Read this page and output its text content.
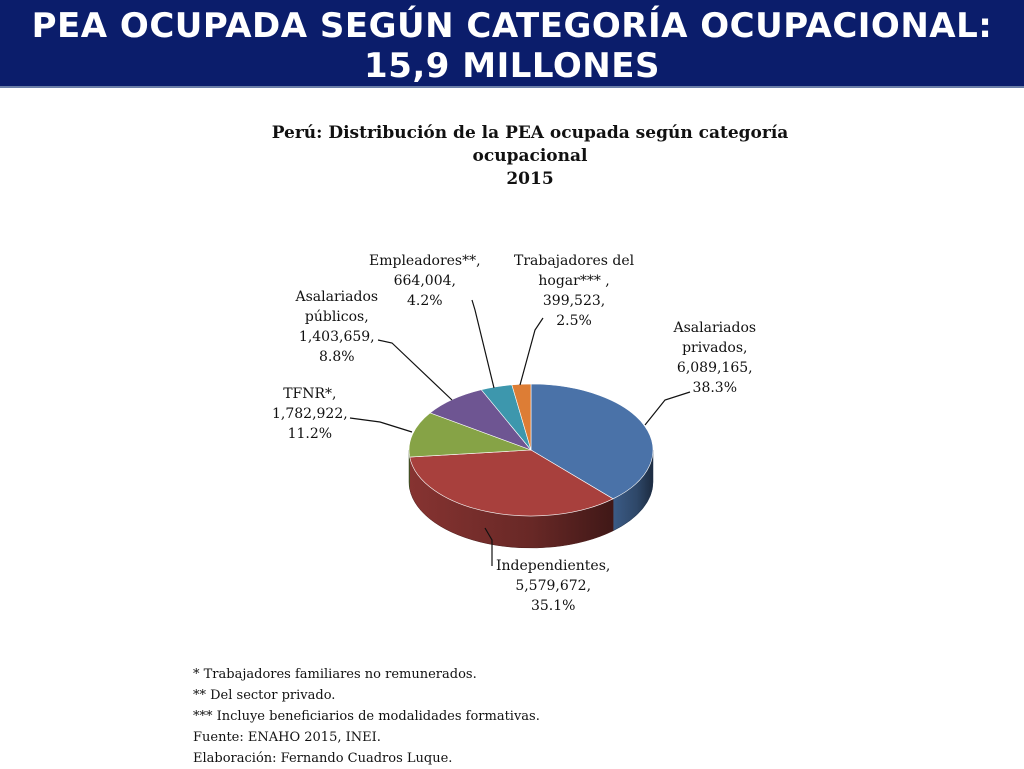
PEA OCUPADA SEGÚN CATEGORÍA OCUPACIONAL:
15,9 MILLONES
Perú: Distribución de la PEA ocupada según categoría
ocupacional
2015
Asalariados
privados,
6,089,165,
38.3%
Independientes,
5,579,672,
35.1%
TFNR*,
1,782,922,
11.2%
Asalariados
públicos,
1,403,659,
8.8%
Empleadores**,
664,004,
4.2%
Trabajadores del
hogar*** ,
399,523,
2.5%
* Trabajadores familiares no remunerados.
** Del sector privado.
*** Incluye beneficiarios de modalidades formativas.
Fuente: ENAHO 2015, INEI.
Elaboración: Fernando Cuadros Luque.
